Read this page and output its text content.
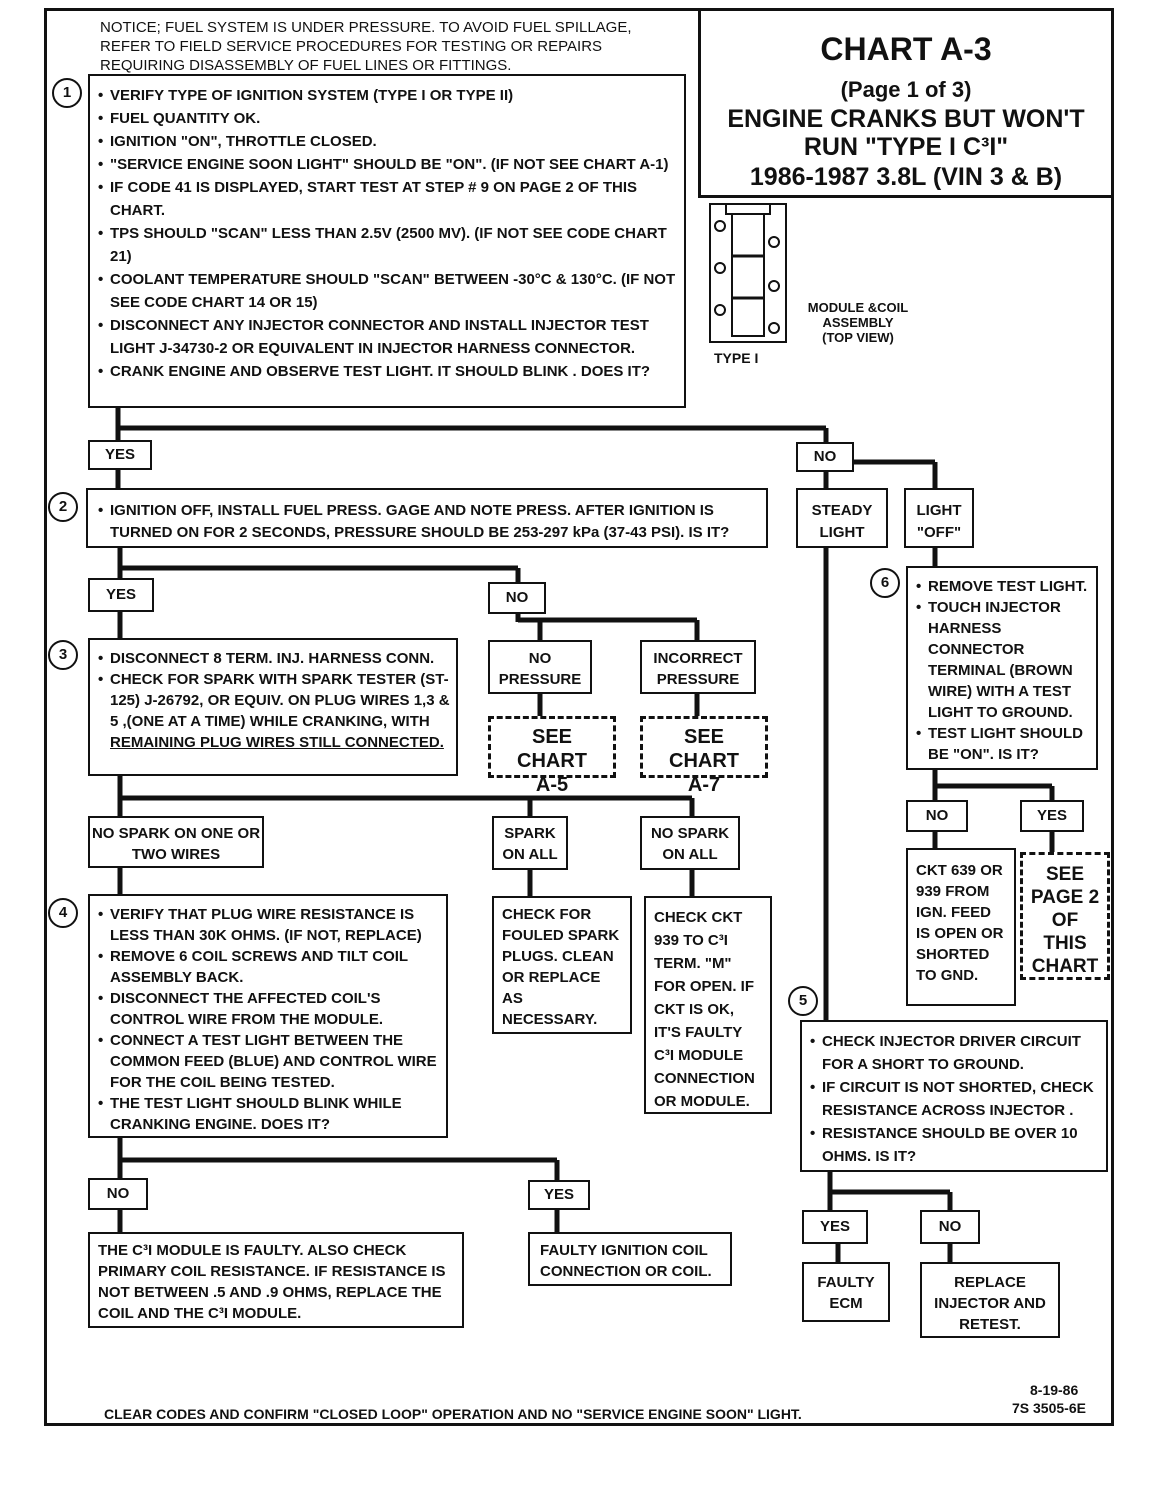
NOTICE; FUEL SYSTEM IS UNDER PRESSURE. TO AVOID FUEL SPILLAGE, REFER TO FIELD SERVICE PROCEDURES FOR TESTING OR REPAIRS REQUIRING DISASSEMBLY OF FUEL LINES OR FITTINGS.	CHART A-3
(Page 1 of 3)
ENGINE CRANKS BUT WON'T
RUN "TYPE I C³I"
1986-1987 3.8L (VIN 3 & B)
TYPE I
MODULE &COIL ASSEMBLY (TOP VIEW)
1	• VERIFY TYPE OF IGNITION SYSTEM (TYPE I OR TYPE II)
• FUEL QUANTITY OK.
• IGNITION "ON", THROTTLE CLOSED.
• "SERVICE ENGINE SOON LIGHT" SHOULD BE "ON". (IF NOT SEE CHART A-1)
• IF CODE 41 IS DISPLAYED, START TEST AT STEP # 9 ON PAGE 2 OF THIS CHART.
• TPS SHOULD "SCAN" LESS THAN 2.5V (2500 MV). (IF NOT SEE CODE CHART 21)
• COOLANT TEMPERATURE SHOULD "SCAN" BETWEEN -30°C & 130°C. (IF NOT SEE CODE CHART 14 OR 15)
• DISCONNECT ANY INJECTOR CONNECTOR AND INSTALL INJECTOR TEST LIGHT J-34730-2 OR EQUIVALENT IN INJECTOR HARNESS CONNECTOR.
• CRANK ENGINE AND OBSERVE TEST LIGHT. IT SHOULD BLINK . DOES IT?
YES	NO
STEADY LIGHT
LIGHT "OFF"
2	• IGNITION OFF, INSTALL FUEL PRESS. GAGE AND NOTE PRESS. AFTER IGNITION IS TURNED ON FOR 2 SECONDS, PRESSURE SHOULD BE 253-297 kPa (37-43 PSI). IS IT?
YES	NO
NO PRESSURE
INCORRECT PRESSURE
SEE CHART A-5
SEE CHART A-7
3	• DISCONNECT 8 TERM. INJ. HARNESS CONN.
• CHECK FOR SPARK WITH SPARK TESTER (ST-125) J-26792, OR EQUIV. ON PLUG WIRES 1,3 & 5 ,(ONE AT A TIME) WHILE CRANKING, WITH REMAINING PLUG WIRES STILL CONNECTED.
NO SPARK ON ONE OR TWO WIRES
SPARK ON ALL
NO SPARK ON ALL
CHECK FOR FOULED SPARK PLUGS. CLEAN OR REPLACE AS NECESSARY.
CHECK CKT 939 TO C³I TERM. "M" FOR OPEN. IF CKT IS OK, IT'S FAULTY C³I MODULE CONNECTION OR MODULE.
4	• VERIFY THAT PLUG WIRE RESISTANCE IS LESS THAN 30K OHMS. (IF NOT, REPLACE)
• REMOVE 6 COIL SCREWS AND TILT COIL ASSEMBLY BACK.
• DISCONNECT THE AFFECTED COIL'S CONTROL WIRE FROM THE MODULE.
• CONNECT A TEST LIGHT BETWEEN THE COMMON FEED (BLUE) AND CONTROL WIRE FOR THE COIL BEING TESTED.
• THE TEST LIGHT SHOULD BLINK WHILE CRANKING ENGINE. DOES IT?
NO	YES
THE C³I MODULE IS FAULTY. ALSO CHECK PRIMARY COIL RESISTANCE. IF RESISTANCE IS NOT BETWEEN .5 AND .9 OHMS, REPLACE THE COIL AND THE C³I MODULE.
FAULTY IGNITION COIL CONNECTION OR COIL.
6	• REMOVE TEST LIGHT.
• TOUCH INJECTOR HARNESS CONNECTOR TERMINAL (BROWN WIRE) WITH A TEST LIGHT TO GROUND.
• TEST LIGHT SHOULD BE "ON". IS IT?
NO	YES
CKT 639 OR 939 FROM IGN. FEED IS OPEN OR SHORTED TO GND.
SEE PAGE 2 OF THIS CHART
5
• CHECK INJECTOR DRIVER CIRCUIT FOR A SHORT TO GROUND.
• IF CIRCUIT IS NOT SHORTED, CHECK RESISTANCE ACROSS INJECTOR .
• RESISTANCE SHOULD BE OVER 10 OHMS. IS IT?
YES	NO
FAULTY ECM
REPLACE INJECTOR AND RETEST.
CLEAR CODES AND CONFIRM "CLOSED LOOP" OPERATION AND NO "SERVICE ENGINE SOON" LIGHT.
8-19-86
7S 3505-6E
